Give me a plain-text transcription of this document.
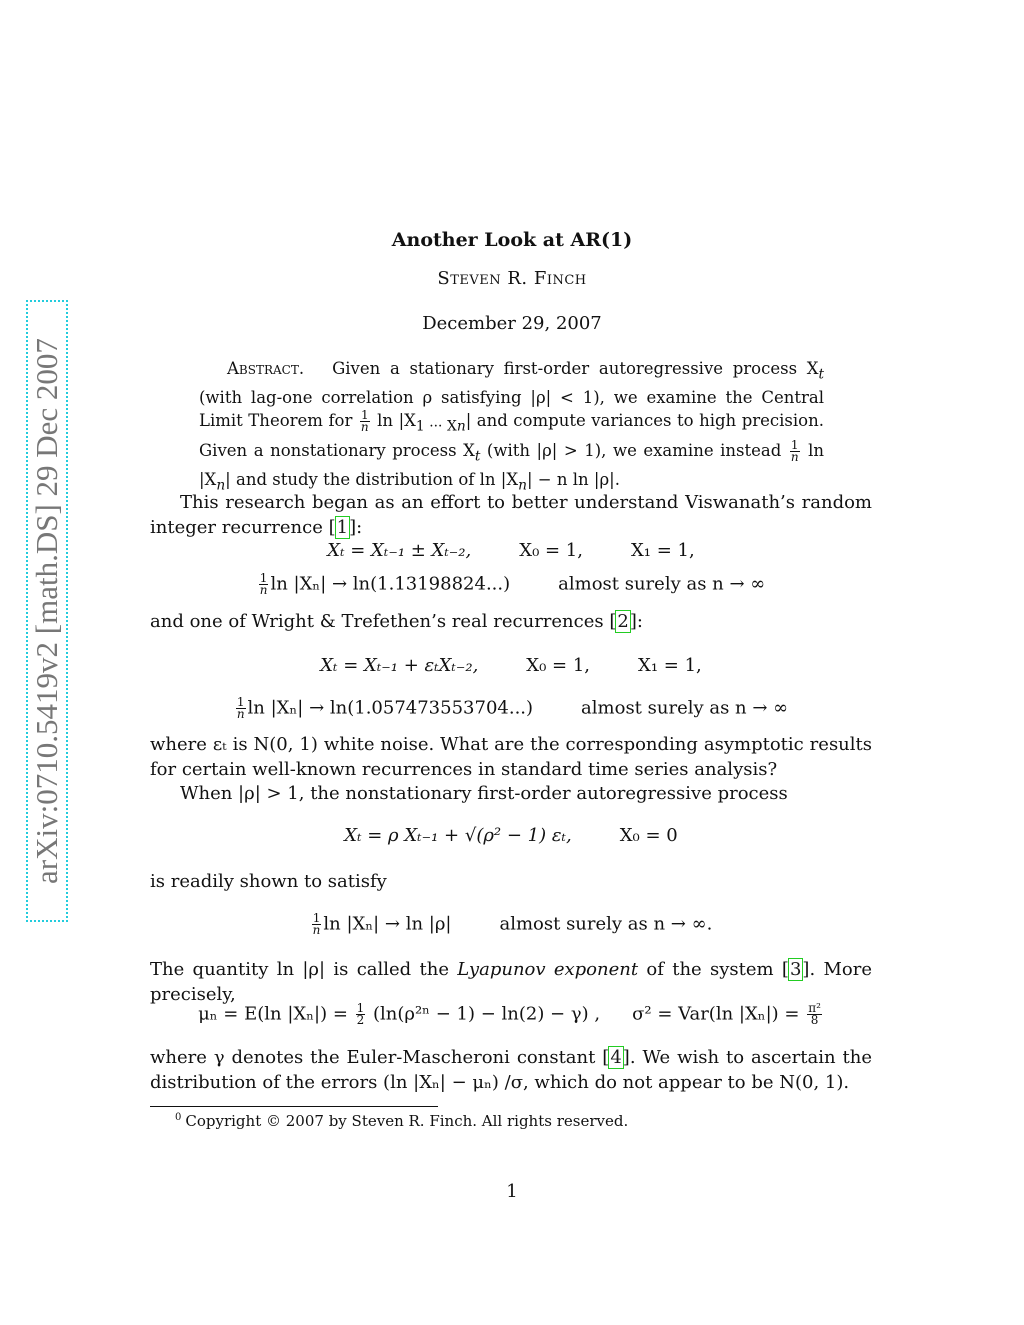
arXiv:0710.5419v2 [math.DS] 29 Dec 2007
Another Look at AR(1)
Steven R. Finch
December 29, 2007
Abstract. Given a stationary first-order autoregressive process $X_t$ (with lag-one correlation ρ satisfying |ρ| < 1), we examine the Central Limit Theorem for $\frac{1}{n}$ $\ln |X_{1 \cdot\cdot\cdot Xn}|$ and compute variances to high precision. Given a nonstationary process $X_t$ (with |ρ| > 1), we examine instead $\frac{1}{n}$ $\ln |X_n|$ and study the distribution of $\ln |X_n| - n$ ln |ρ|.
This research began as an effort to better understand Viswanath’s random integer recurrence [1]:
Xₜ = Xₜ₋₁ ± Xₜ₋₂,	X₀ = 1,	X₁ = 1,
$\frac{1}{n}$ ln |Xₙ| → ln(1.13198824...)	almost surely as n → ∞
and one of Wright & Trefethen’s real recurrences [2]:
Xₜ = Xₜ₋₁ + εₜXₜ₋₂,	X₀ = 1,	X₁ = 1,
$\frac{1}{n}$ ln |Xₙ| → ln(1.057473553704...)	almost surely as n → ∞
where εₜ is N(0, 1) white noise. What are the corresponding asymptotic results for certain well-known recurrences in standard time series analysis?
When |ρ| > 1, the nonstationary first-order autoregressive process
Xₜ = ρ Xₜ₋₁ + √(ρ² − 1) εₜ,	X₀ = 0
is readily shown to satisfy
$\frac{1}{n}$ ln |Xₙ| → ln |ρ|	almost surely as n → ∞.
The quantity ln |ρ| is called the Lyapunov exponent of the system [3]. More precisely,
μₙ = E(ln $|X_n|) = \frac{1}{2} (\ln(\rho^{2n} - 1) - \ln(2) - \gamma)$ , σ² = Var(ln $|X_n|) = \frac{\text{π²}}{8}$
where γ denotes the Euler-Mascheroni constant [4]. We wish to ascertain the distribution of the errors (ln |Xₙ| − μₙ) /σ, which do not appear to be N(0, 1).
$^0$ Copyright © 2007 by Steven R. Finch. All rights reserved.
1
